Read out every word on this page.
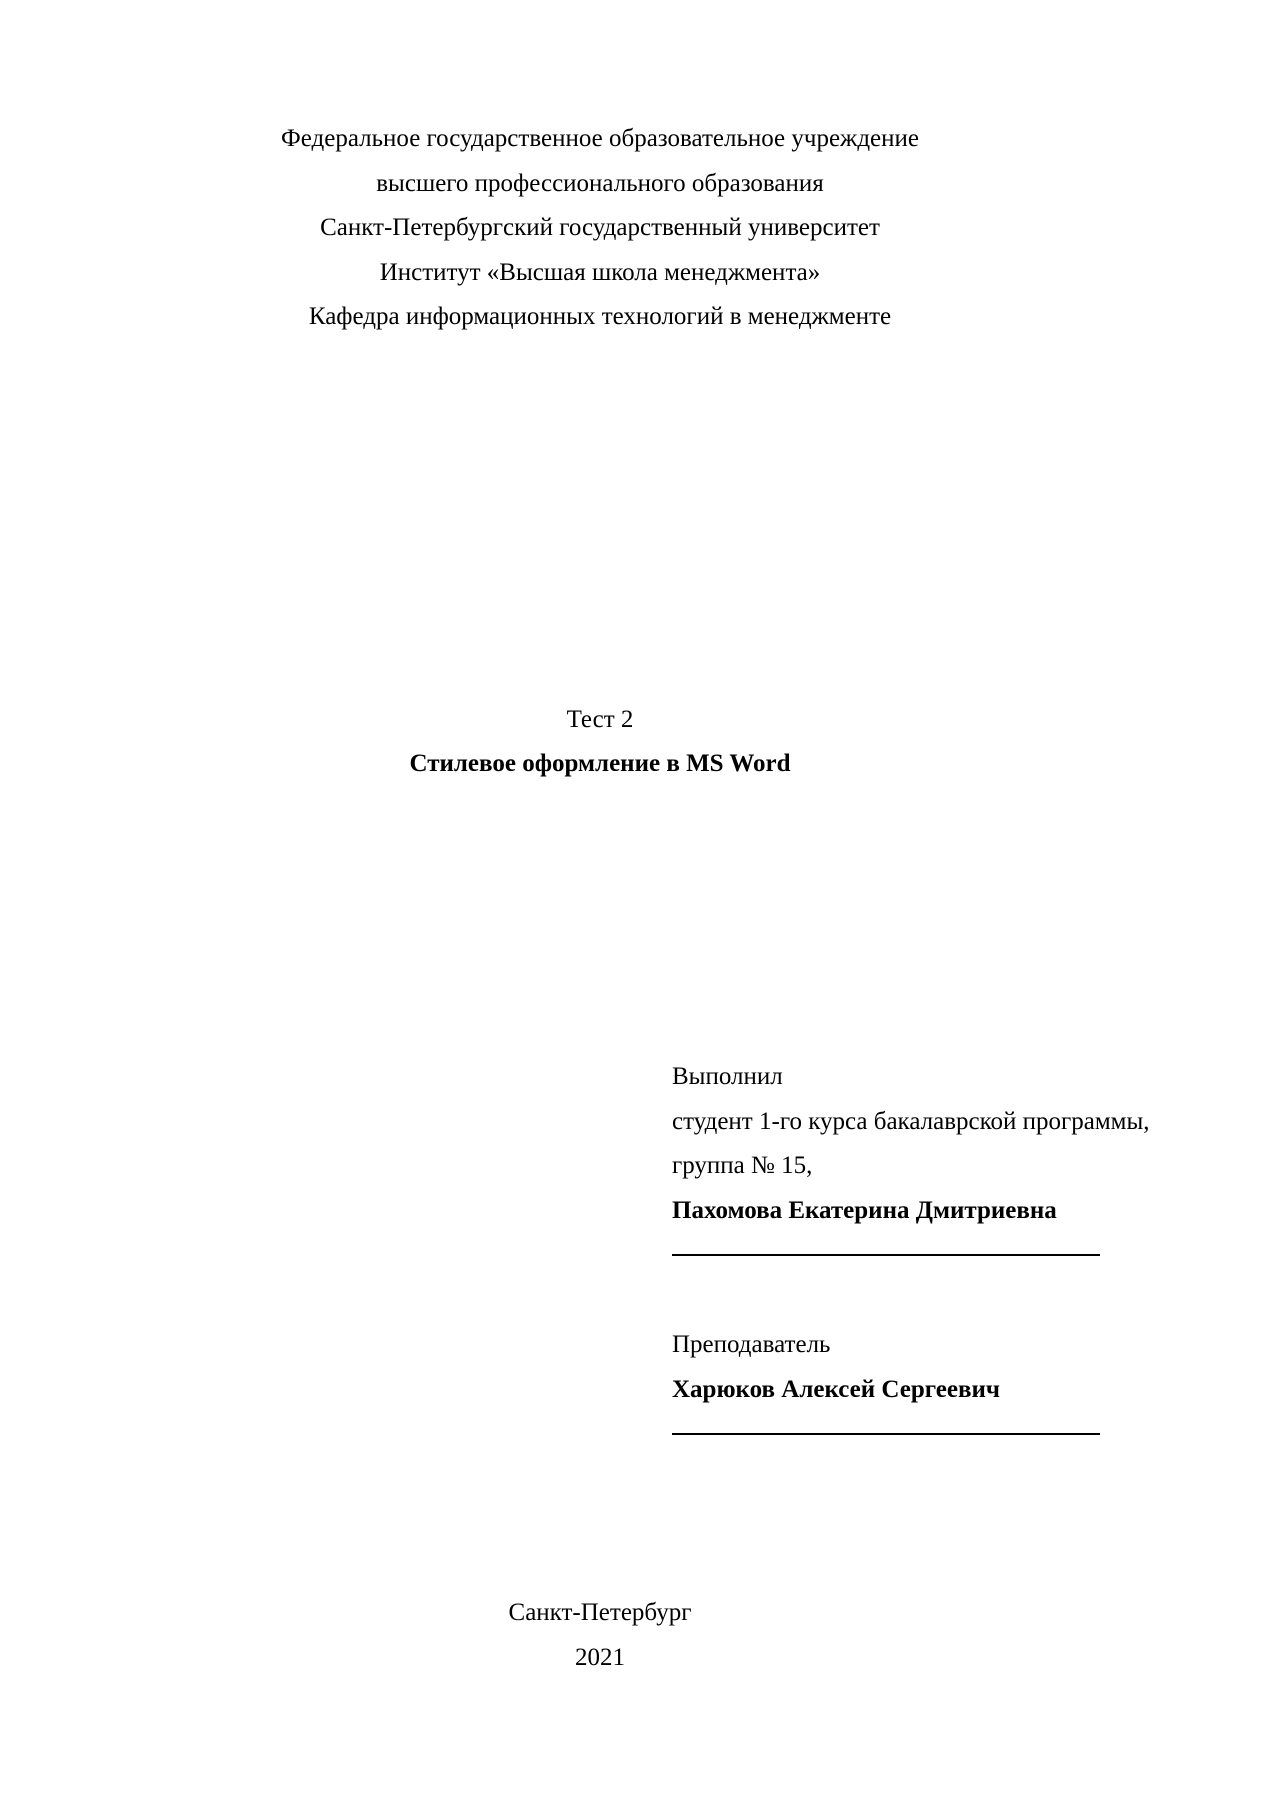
Федеральное государственное образовательное учреждение
высшего профессионального образования
Санкт-Петербургский государственный университет
Институт «Высшая школа менеджмента»
Кафедра информационных технологий в менеджменте
Тест 2
Стилевое оформление в MS Word
Выполнил
студент 1-го курса бакалаврской программы,
группа № 15,
Пахомова Екатерина Дмитриевна
Преподаватель
Харюков Алексей Сергеевич
Санкт-Петербург
2021
